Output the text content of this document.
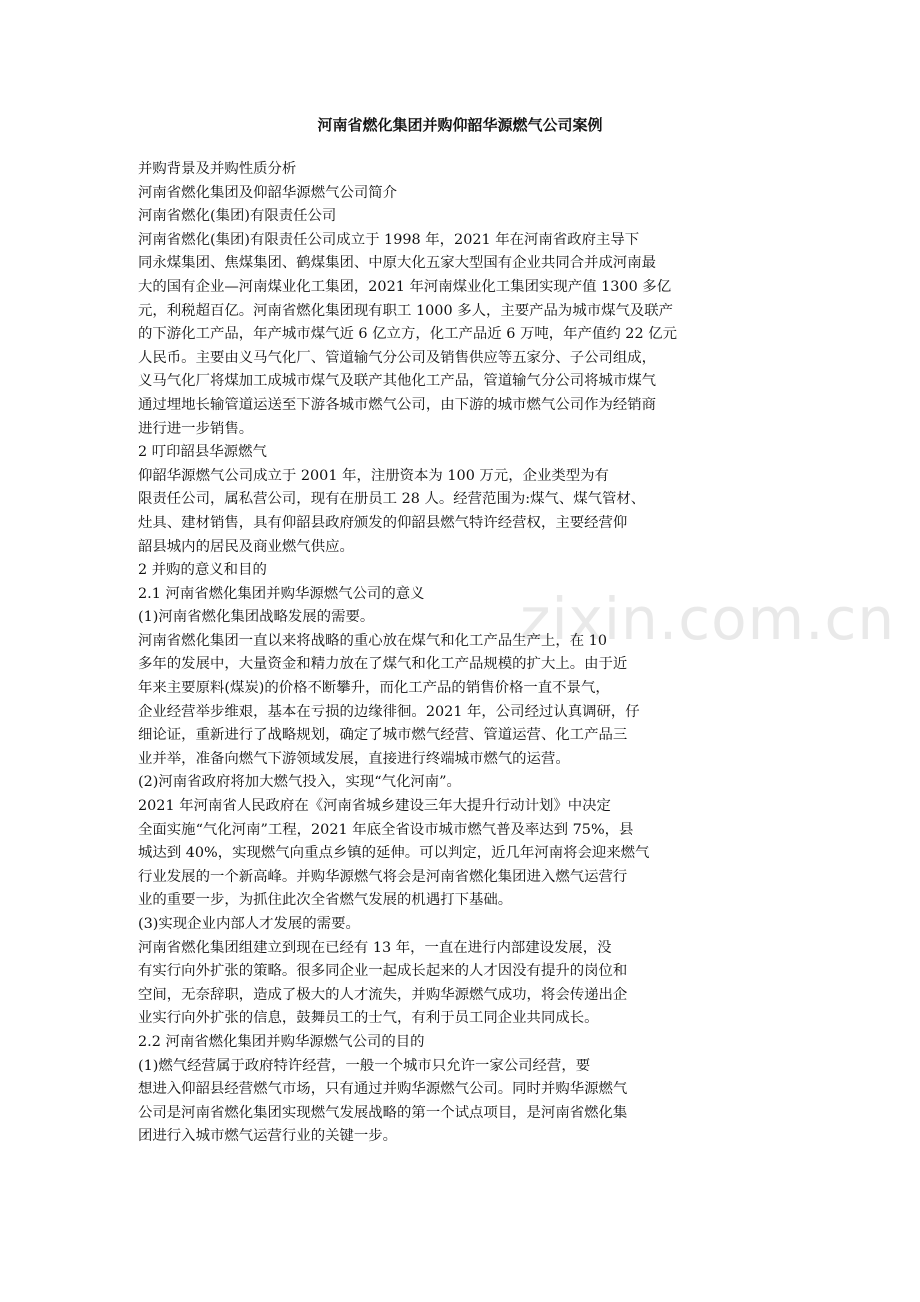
zixin.com.cn
河南省燃化集团并购仰韶华源燃气公司案例
并购背景及并购性质分析
河南省燃化集团及仰韶华源燃气公司简介
河南省燃化(集团)有限责任公司
河南省燃化(集团)有限责任公司成立于 1998 年，2021 年在河南省政府主导下
同永煤集团、焦煤集团、鹤煤集团、中原大化五家大型国有企业共同合并成河南最
大的国有企业—河南煤业化工集团，2021 年河南煤业化工集团实现产值 1300 多亿
元，利税超百亿。河南省燃化集团现有职工 1000 多人，主要产品为城市煤气及联产
的下游化工产品，年产城市煤气近 6 亿立方，化工产品近 6 万吨，年产值约 22 亿元
人民币。主要由义马气化厂、管道输气分公司及销售供应等五家分、子公司组成，
义马气化厂将煤加工成城市煤气及联产其他化工产品，管道输气分公司将城市煤气
通过埋地长输管道运送至下游各城市燃气公司，由下游的城市燃气公司作为经销商
进行进一步销售。
2 叮印韶县华源燃气
仰韶华源燃气公司成立于 2001 年，注册资本为 100 万元，企业类型为有
限责任公司，属私营公司，现有在册员工 28 人。经营范围为:煤气、煤气管材、
灶具、建材销售，具有仰韶县政府颁发的仰韶县燃气特许经营权，主要经营仰
韶县城内的居民及商业燃气供应。
2 并购的意义和目的
2.1 河南省燃化集团并购华源燃气公司的意义
(1)河南省燃化集团战略发展的需要。
河南省燃化集团一直以来将战略的重心放在煤气和化工产品生产上，在 10
多年的发展中，大量资金和精力放在了煤气和化工产品规模的扩大上。由于近
年来主要原料(煤炭)的价格不断攀升，而化工产品的销售价格一直不景气，
企业经营举步维艰，基本在亏损的边缘徘徊。2021 年，公司经过认真调研，仔
细论证，重新进行了战略规划，确定了城市燃气经营、管道运营、化工产品三
业并举，准备向燃气下游领域发展，直接进行终端城市燃气的运营。
(2)河南省政府将加大燃气投入，实现“气化河南”。
2021 年河南省人民政府在《河南省城乡建设三年大提升行动计划》中决定
全面实施“气化河南”工程，2021 年底全省设市城市燃气普及率达到 75%，县
城达到 40%，实现燃气向重点乡镇的延伸。可以判定，近几年河南将会迎来燃气
行业发展的一个新高峰。并购华源燃气将会是河南省燃化集团进入燃气运营行
业的重要一步，为抓住此次全省燃气发展的机遇打下基础。
(3)实现企业内部人才发展的需要。
河南省燃化集团组建立到现在已经有 13 年，一直在进行内部建设发展，没
有实行向外扩张的策略。很多同企业一起成长起来的人才因没有提升的岗位和
空间，无奈辞职，造成了极大的人才流失，并购华源燃气成功，将会传递出企
业实行向外扩张的信息，鼓舞员工的士气，有利于员工同企业共同成长。
2.2 河南省燃化集团并购华源燃气公司的目的
(1)燃气经营属于政府特许经营，一般一个城市只允许一家公司经营，要
想进入仰韶县经营燃气市场，只有通过并购华源燃气公司。同时并购华源燃气
公司是河南省燃化集团实现燃气发展战略的第一个试点项目，是河南省燃化集
团进行入城市燃气运营行业的关键一步。
